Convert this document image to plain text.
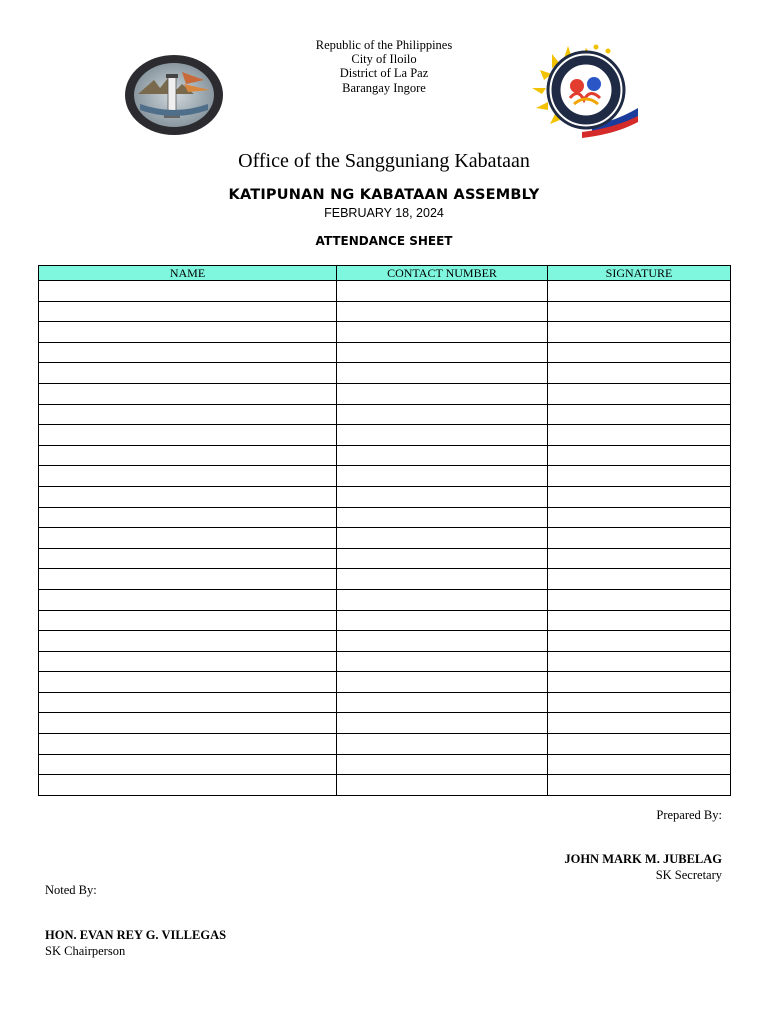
Republic of the Philippines
City of Iloilo
District of La Paz
Barangay Ingore
Office of the Sangguniang Kabataan
KATIPUNAN NG KABATAAN ASSEMBLY
FEBRUARY 18, 2024
ATTENDANCE SHEET
NAME	CONTACT NUMBER	SIGNATURE

Prepared By:
JOHN MARK M. JUBELAG
SK Secretary
Noted By:
HON. EVAN REY G. VILLEGAS
SK Chairperson
